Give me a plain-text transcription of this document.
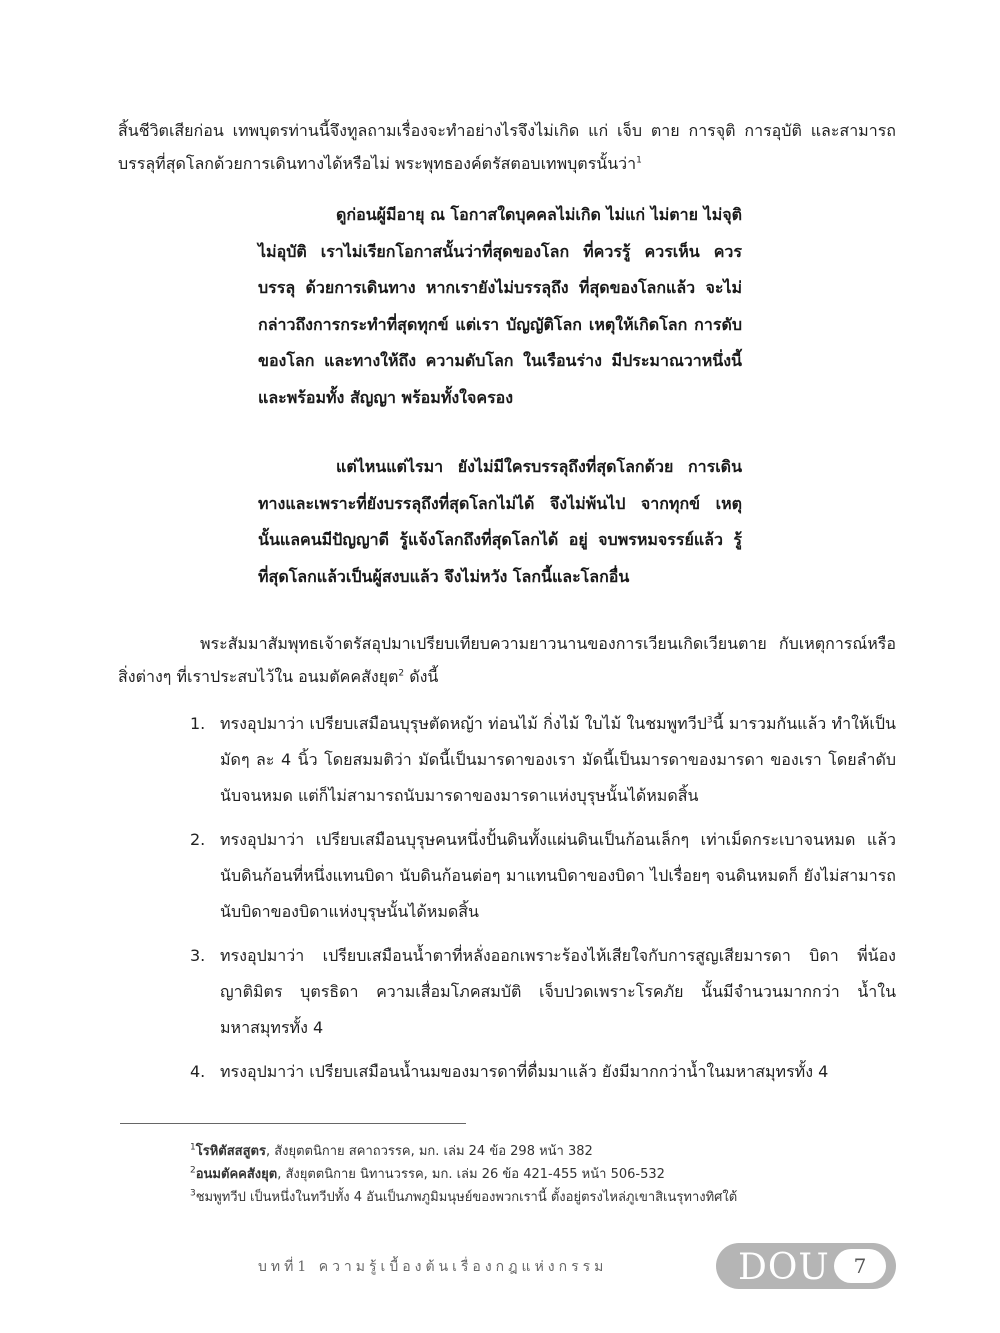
สิ้นชีวิตเสียก่อน เทพบุตรท่านนี้จึงทูลถามเรื่องจะทำอย่างไรจึงไม่เกิด แก่ เจ็บ ตาย การจุติ การอุบัติ และสามารถบรรลุที่สุดโลกด้วยการเดินทางได้หรือไม่ พระพุทธองค์ตรัสตอบเทพบุตรนั้นว่า$^1$

ดูก่อนผู้มีอายุ ณ โอกาสใดบุคคลไม่เกิด ไม่แก่ ไม่ตาย ไม่จุติ ไม่อุบัติ เราไม่เรียกโอกาสนั้นว่าที่สุดของโลก ที่ควรรู้ ควรเห็น ควรบรรลุ ด้วยการเดินทาง หากเรายังไม่บรรลุถึง ที่สุดของโลกแล้ว จะไม่กล่าวถึงการกระทำที่สุดทุกข์ แต่เรา บัญญัติโลก เหตุให้เกิดโลก การดับของโลก และทางให้ถึง ความดับโลก ในเรือนร่าง มีประมาณวาหนึ่งนี้ และพร้อมทั้ง สัญญา พร้อมทั้งใจครอง

แต่ไหนแต่ไรมา ยังไม่มีใครบรรลุถึงที่สุดโลกด้วย การเดินทางและเพราะที่ยังบรรลุถึงที่สุดโลกไม่ได้ จึงไม่พ้นไป จากทุกข์ เหตุนั้นแลคนมีปัญญาดี รู้แจ้งโลกถึงที่สุดโลกได้ อยู่ จบพรหมจรรย์แล้ว รู้ที่สุดโลกแล้วเป็นผู้สงบแล้ว จึงไม่หวัง โลกนี้และโลกอื่น

พระสัมมาสัมพุทธเจ้าตรัสอุปมาเปรียบเทียบความยาวนานของการเวียนเกิดเวียนตาย กับเหตุการณ์หรือสิ่งต่างๆ ที่เราประสบไว้ใน อนมตัคคสังยุต$^2$ ดังนี้

1. ทรงอุปมาว่า เปรียบเสมือนบุรุษตัดหญ้า ท่อนไม้ กิ่งไม้ ใบไม้ ในชมพูทวีป$^3$นี้ มารวมกันแล้ว ทำให้เป็นมัดๆ ละ 4 นิ้ว โดยสมมติว่า มัดนี้เป็นมารดาของเรา มัดนี้เป็นมารดาของมารดา ของเรา โดยลำดับนับจนหมด แต่ก็ไม่สามารถนับมารดาของมารดาแห่งบุรุษนั้นได้หมดสิ้น
2. ทรงอุปมาว่า เปรียบเสมือนบุรุษคนหนึ่งปั้นดินทั้งแผ่นดินเป็นก้อนเล็กๆ เท่าเม็ดกระเบาจนหมด แล้วนับดินก้อนที่หนึ่งแทนบิดา นับดินก้อนต่อๆ มาแทนบิดาของบิดา ไปเรื่อยๆ จนดินหมดก็ ยังไม่สามารถนับบิดาของบิดาแห่งบุรุษนั้นได้หมดสิ้น
3. ทรงอุปมาว่า เปรียบเสมือนน้ำตาที่หลั่งออกเพราะร้องไห้เสียใจกับการสูญเสียมารดา บิดา พี่น้อง ญาติมิตร บุตรธิดา ความเสื่อมโภคสมบัติ เจ็บปวดเพราะโรคภัย นั้นมีจำนวนมากกว่า น้ำในมหาสมุทรทั้ง 4
4. ทรงอุปมาว่า เปรียบเสมือนน้ำนมของมารดาที่ดื่มมาแล้ว ยังมีมากกว่าน้ำในมหาสมุทรทั้ง 4
$^1$โรหิตัสสสูตร, สังยุตตนิกาย สคาถวรรค, มก. เล่ม 24 ข้อ 298 หน้า 382
$^2$อนมตัคคสังยุต, สังยุตตนิกาย นิทานวรรค, มก. เล่ม 26 ข้อ 421-455 หน้า 506-532
$^3$ชมพูทวีป เป็นหนึ่งในทวีปทั้ง 4 อันเป็นภพภูมิมนุษย์ของพวกเรานี้ ตั้งอยู่ตรงไหล่ภูเขาสิเนรุทางทิศใต้
บทที่1 ความรู้เบื้องต้นเรื่องกฎแห่งกรรม	DOU	7
